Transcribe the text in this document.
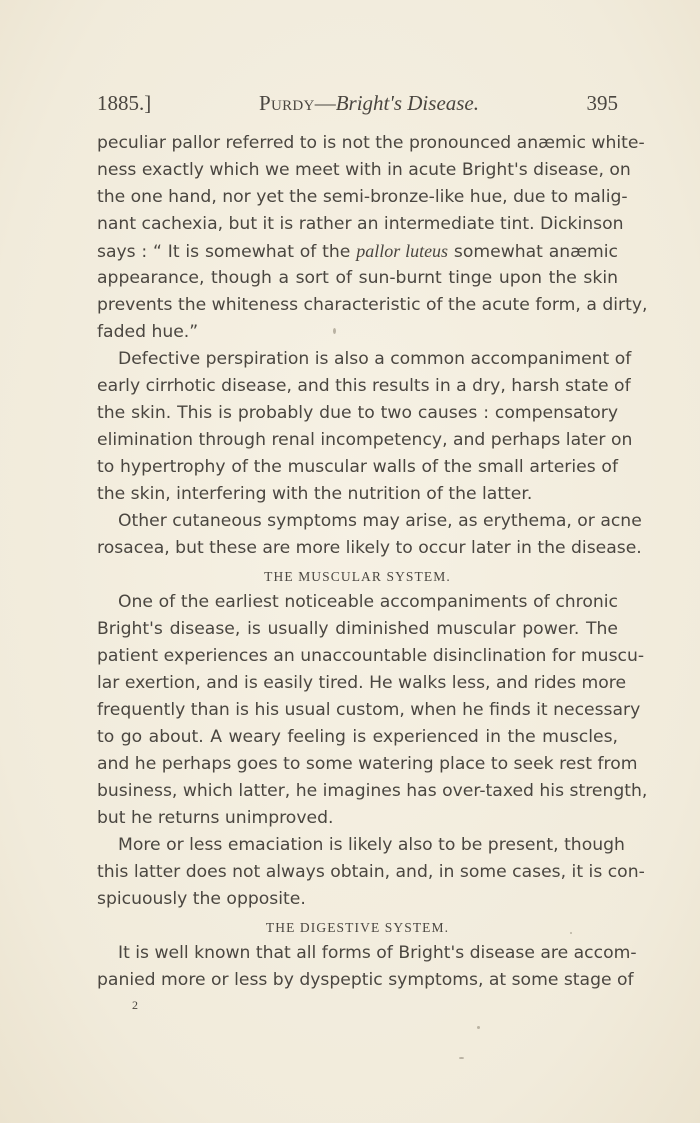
1885.]	Purdy—Bright's Disease.	395
peculiar pallor referred to is not the pronounced anæmic white-
ness exactly which we meet with in acute Bright's disease, on
the one hand, nor yet the semi-bronze-like hue, due to malig-
nant cachexia, but it is rather an intermediate tint. Dickinson
says : “ It is somewhat of the pallor luteus somewhat anæmic
appearance, though a sort of sun-burnt tinge upon the skin
prevents the whiteness characteristic of the acute form, a dirty,
faded hue.”
Defective perspiration is also a common accompaniment of
early cirrhotic disease, and this results in a dry, harsh state of
the skin. This is probably due to two causes : compensatory
elimination through renal incompetency, and perhaps later on
to hypertrophy of the muscular walls of the small arteries of
the skin, interfering with the nutrition of the latter.
Other cutaneous symptoms may arise, as erythema, or acne
rosacea, but these are more likely to occur later in the disease.
THE MUSCULAR SYSTEM.
One of the earliest noticeable accompaniments of chronic
Bright's disease, is usually diminished muscular power. The
patient experiences an unaccountable disinclination for muscu-
lar exertion, and is easily tired. He walks less, and rides more
frequently than is his usual custom, when he finds it necessary
to go about. A weary feeling is experienced in the muscles,
and he perhaps goes to some watering place to seek rest from
business, which latter, he imagines has over-taxed his strength,
but he returns unimproved.
More or less emaciation is likely also to be present, though
this latter does not always obtain, and, in some cases, it is con-
spicuously the opposite.
THE DIGESTIVE SYSTEM.
It is well known that all forms of Bright's disease are accom-
panied more or less by dyspeptic symptoms, at some stage of
2
